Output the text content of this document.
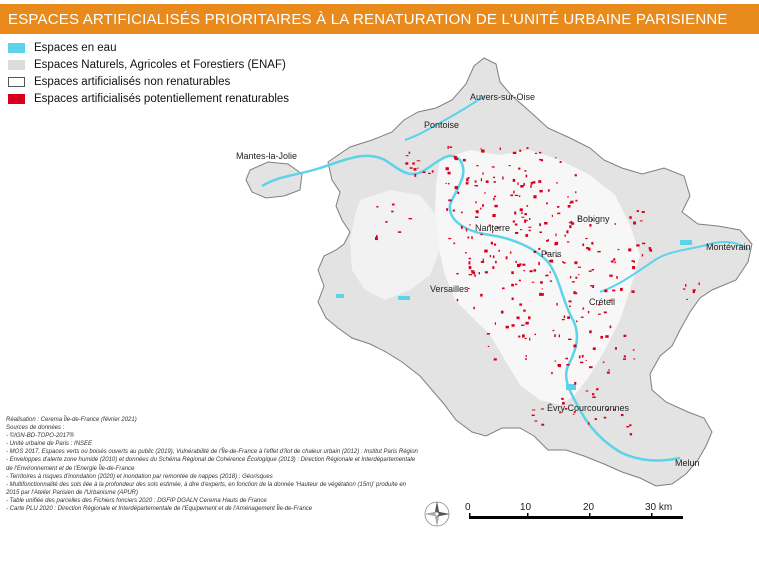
ESPACES ARTIFICIALISÉS PRIORITAIRES À LA RENATURATION DE L'UNITÉ URBAINE PARISIENNE
Espaces en eau
Espaces Naturels, Agricoles et Forestiers (ENAF)
Espaces artificialisés non renaturables
Espaces artificialisés potentiellement renaturables	Auvers-sur-Oise
Pontoise
Mantes-la-Jolie
Bobigny
Nanterre
Montévrain
Paris
Versailles
Créteil
Évry Courcouronnes
Melun
Réalisation : Cerema Île-de-France (février 2021)
Sources de données :
- ©IGN-BD-TOPO-2017®
- Unité urbaine de Paris : INSEE
- MOS 2017, Espaces verts ou boisés ouverts au public (2019), Vulnérabilité de l'Île-de-France à l'effet d'îlot de chaleur urbain (2012) : Institut Paris Région
- Enveloppes d'alerte zone humide (2010) et données du Schéma Régional de Cohérence Écologique (2013) : Direction Régionale et Interdépartementale de l'Environnement et de l'Energie Île-de-France
- Territoires à risques d'inondation (2020) et inondation par remontée de nappes (2018) : Géorisques
- Multifonctionnalité des sols liée à la profondeur des sols estimée, à dire d'experts, en fonction de la donnée 'Hauteur de végétation (15m)' produite en 2015 par l'Atelier Parisien de l'Urbanisme (APUR)
- Table unifiée des parcelles des Fichiers fonciers 2020 : DGFIP DGALN Cerema Hauts de France
- Carte PLU 2020 : Direction Régionale et Interdépartementale de l'Equipement et de l'Aménagement Île-de-France	0	10	20	30 km
